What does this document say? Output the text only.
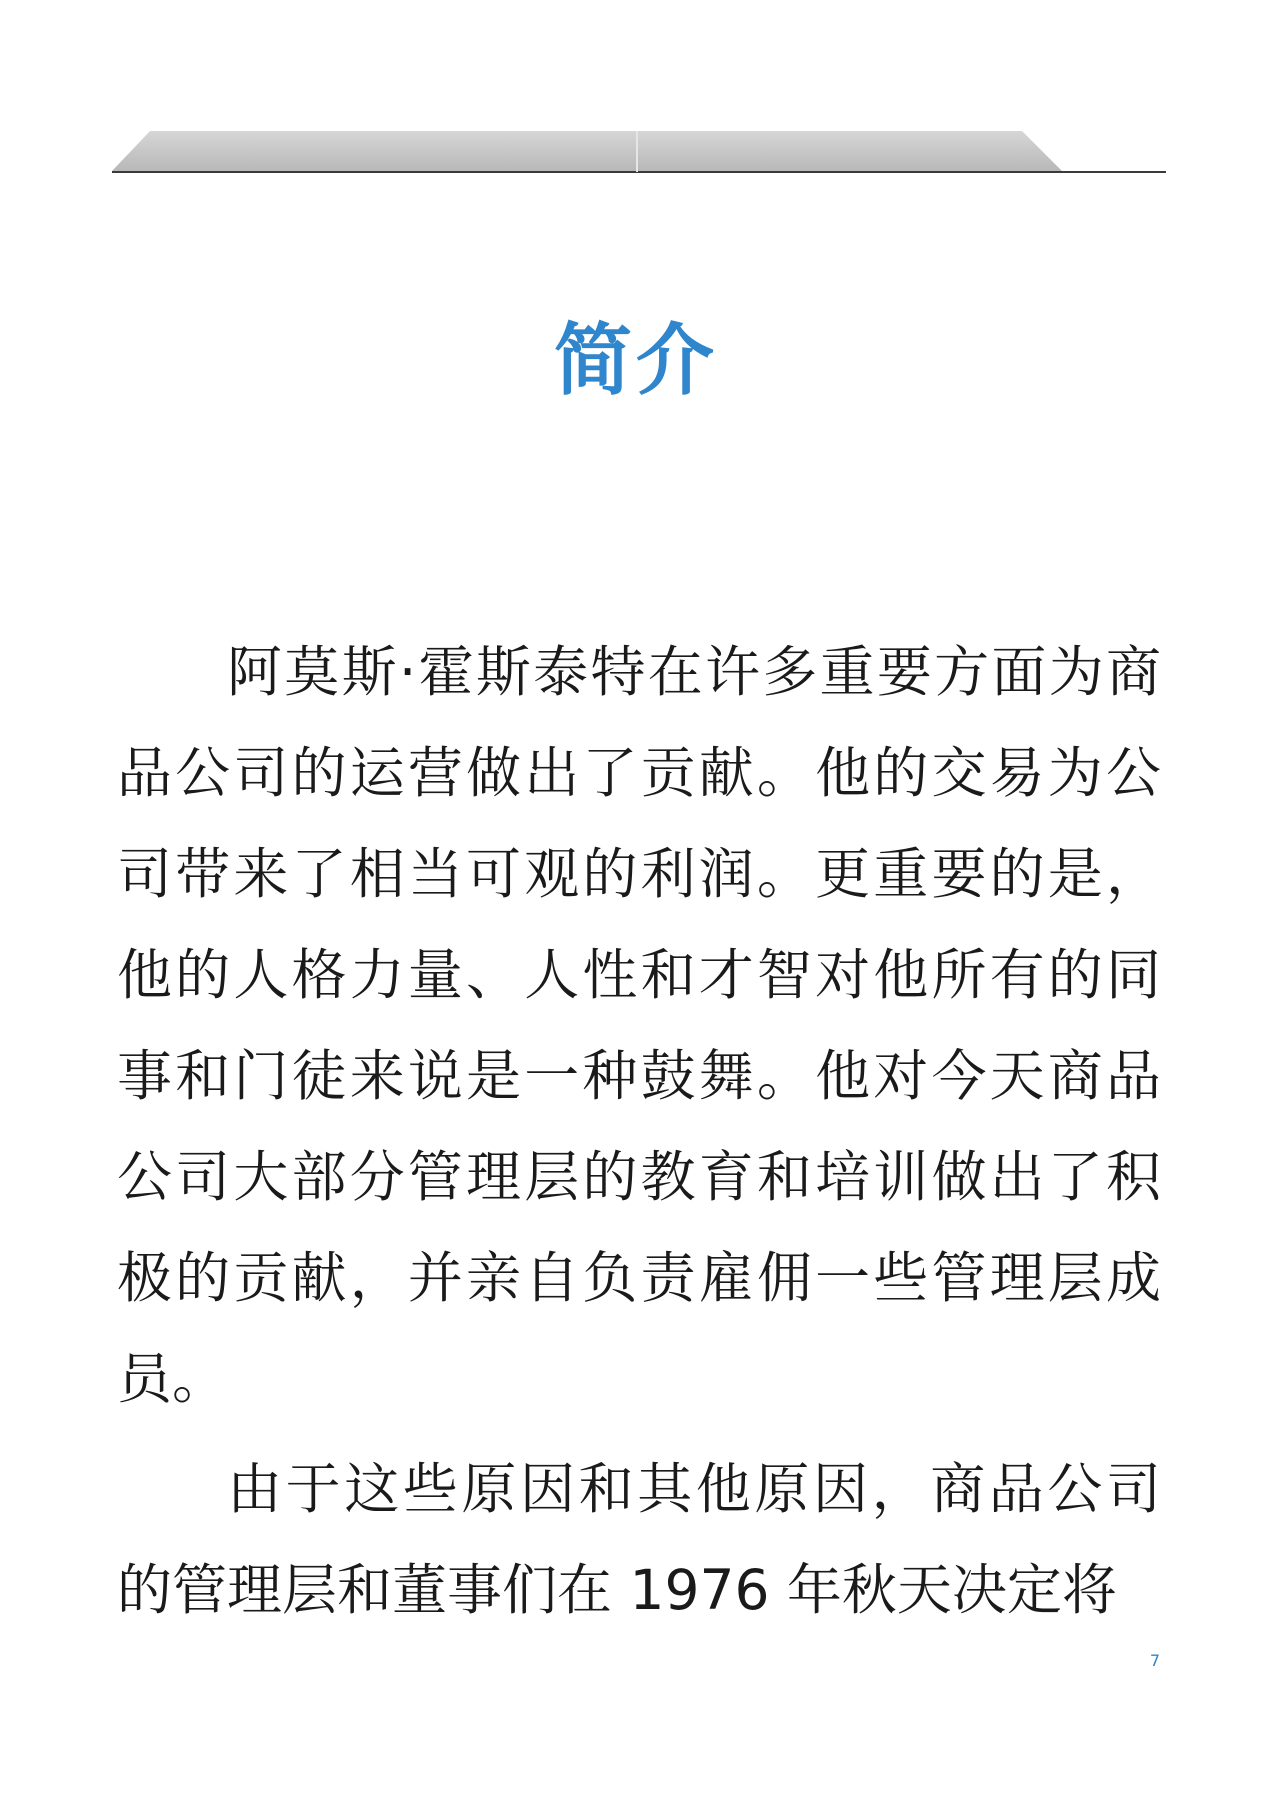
简介

阿莫斯·霍斯泰特在许多重要方面为商品公司的运营做出了贡献。他的交易为公司带来了相当可观的利润。更重要的是，他的人格力量、人性和才智对他所有的同事和门徒来说是一种鼓舞。他对今天商品公司大部分管理层的教育和培训做出了积极的贡献，并亲自负责雇佣一些管理层成员。

由于这些原因和其他原因，商品公司的管理层和董事们在 1976 年秋天决定将

7
